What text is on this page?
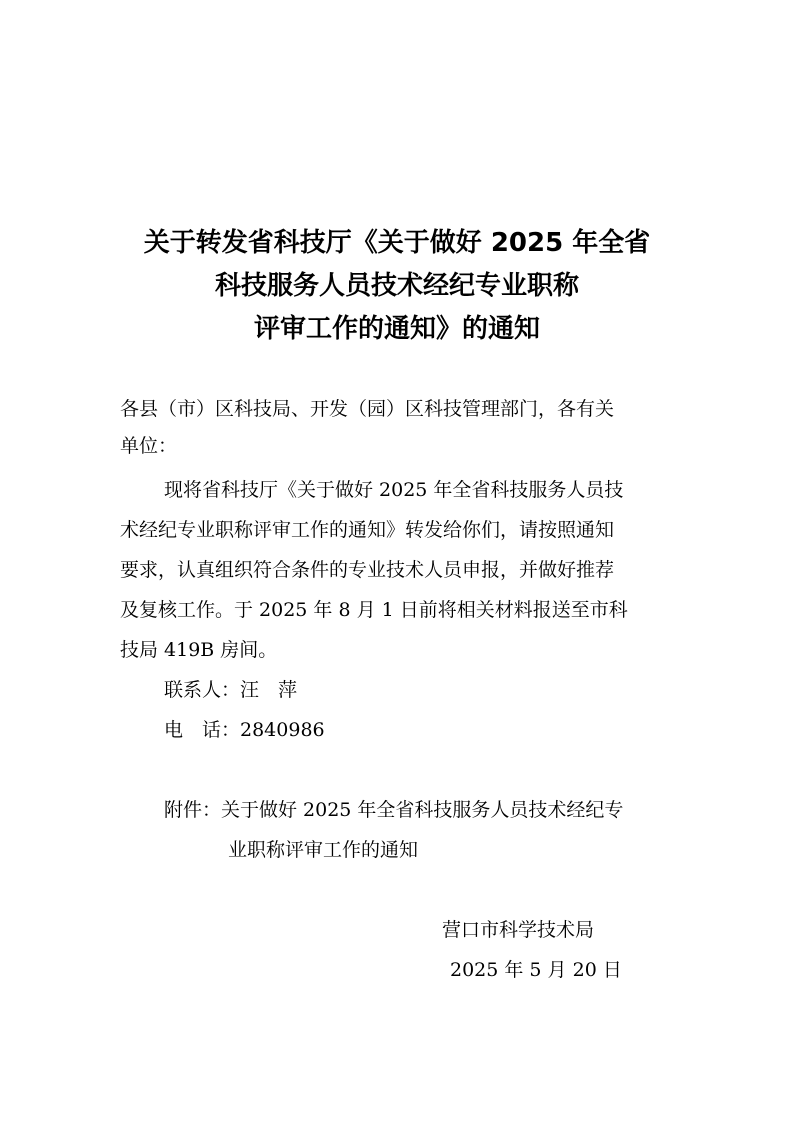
关于转发省科技厅《关于做好 2025 年全省
科技服务人员技术经纪专业职称
评审工作的通知》的通知

各县（市）区科技局、开发（园）区科技管理部门，各有关

单位：

现将省科技厅《关于做好 2025 年全省科技服务人员技

术经纪专业职称评审工作的通知》转发给你们，请按照通知

要求，认真组织符合条件的专业技术人员申报，并做好推荐

及复核工作。于 2025 年 8 月 1 日前将相关材料报送至市科

技局 419B 房间。

联系人：汪　萍

电　话：2840986

附件：关于做好 2025 年全省科技服务人员技术经纪专

业职称评审工作的通知

营口市科学技术局

2025 年 5 月 20 日
